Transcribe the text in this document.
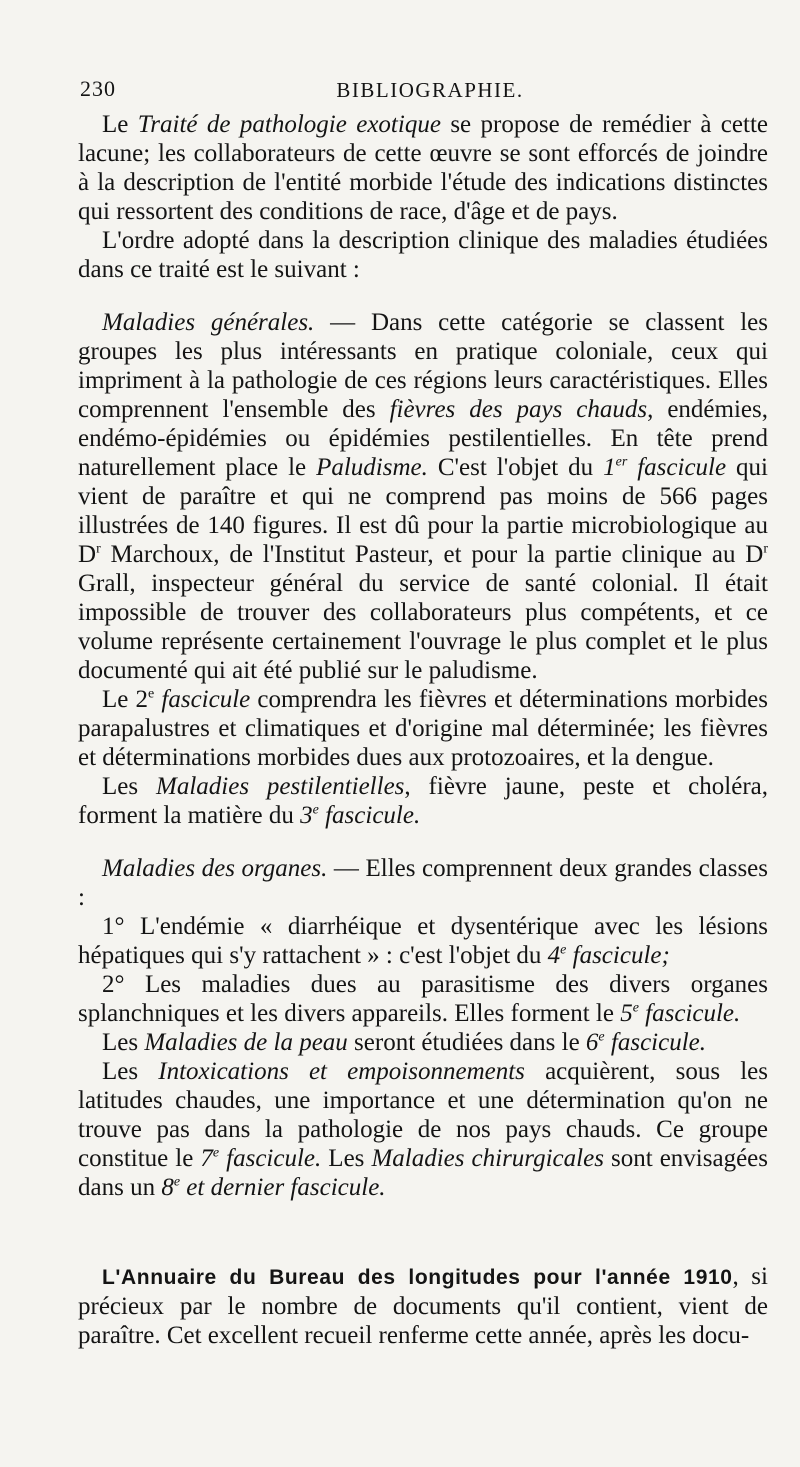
230	BIBLIOGRAPHIE.

Le Traité de pathologie exotique se propose de remédier à cette lacune; les collaborateurs de cette œuvre se sont efforcés de joindre à la description de l'entité morbide l'étude des indications distinctes qui ressortent des conditions de race, d'âge et de pays.

L'ordre adopté dans la description clinique des maladies étudiées dans ce traité est le suivant :

Maladies générales. — Dans cette catégorie se classent les groupes les plus intéressants en pratique coloniale, ceux qui impriment à la pathologie de ces régions leurs caractéristiques. Elles comprennent l'ensemble des fièvres des pays chauds, endémies, endémo-épidémies ou épidémies pestilentielles. En tête prend naturellement place le Paludisme. C'est l'objet du 1er fascicule qui vient de paraître et qui ne comprend pas moins de 566 pages illustrées de 140 figures. Il est dû pour la partie microbiologique au $D^r$ Marchoux, de l'Institut Pasteur, et pour la partie clinique au $D^r$ Grall, inspecteur général du service de santé colonial. Il était impossible de trouver des collaborateurs plus compétents, et ce volume représente certainement l'ouvrage le plus complet et le plus documenté qui ait été publié sur le paludisme.

Le 2e fascicule comprendra les fièvres et déterminations morbides parapalustres et climatiques et d'origine mal déterminée; les fièvres et déterminations morbides dues aux protozoaires, et la dengue.

Les Maladies pestilentielles, fièvre jaune, peste et choléra, forment la matière du 3e fascicule.

Maladies des organes. — Elles comprennent deux grandes classes :

1° L'endémie « diarrhéique et dysentérique avec les lésions hépatiques qui s'y rattachent » : c'est l'objet du 4e fascicule;

2° Les maladies dues au parasitisme des divers organes splanchniques et les divers appareils. Elles forment le 5e fascicule.

Les Maladies de la peau seront étudiées dans le 6e fascicule.

Les Intoxications et empoisonnements acquièrent, sous les latitudes chaudes, une importance et une détermination qu'on ne trouve pas dans la pathologie de nos pays chauds. Ce groupe constitue le 7e fascicule. Les Maladies chirurgicales sont envisagées dans un 8e et dernier fascicule.

L'Annuaire du Bureau des longitudes pour l'année 1910, si précieux par le nombre de documents qu'il contient, vient de paraître. Cet excellent recueil renferme cette année, après les docu-
